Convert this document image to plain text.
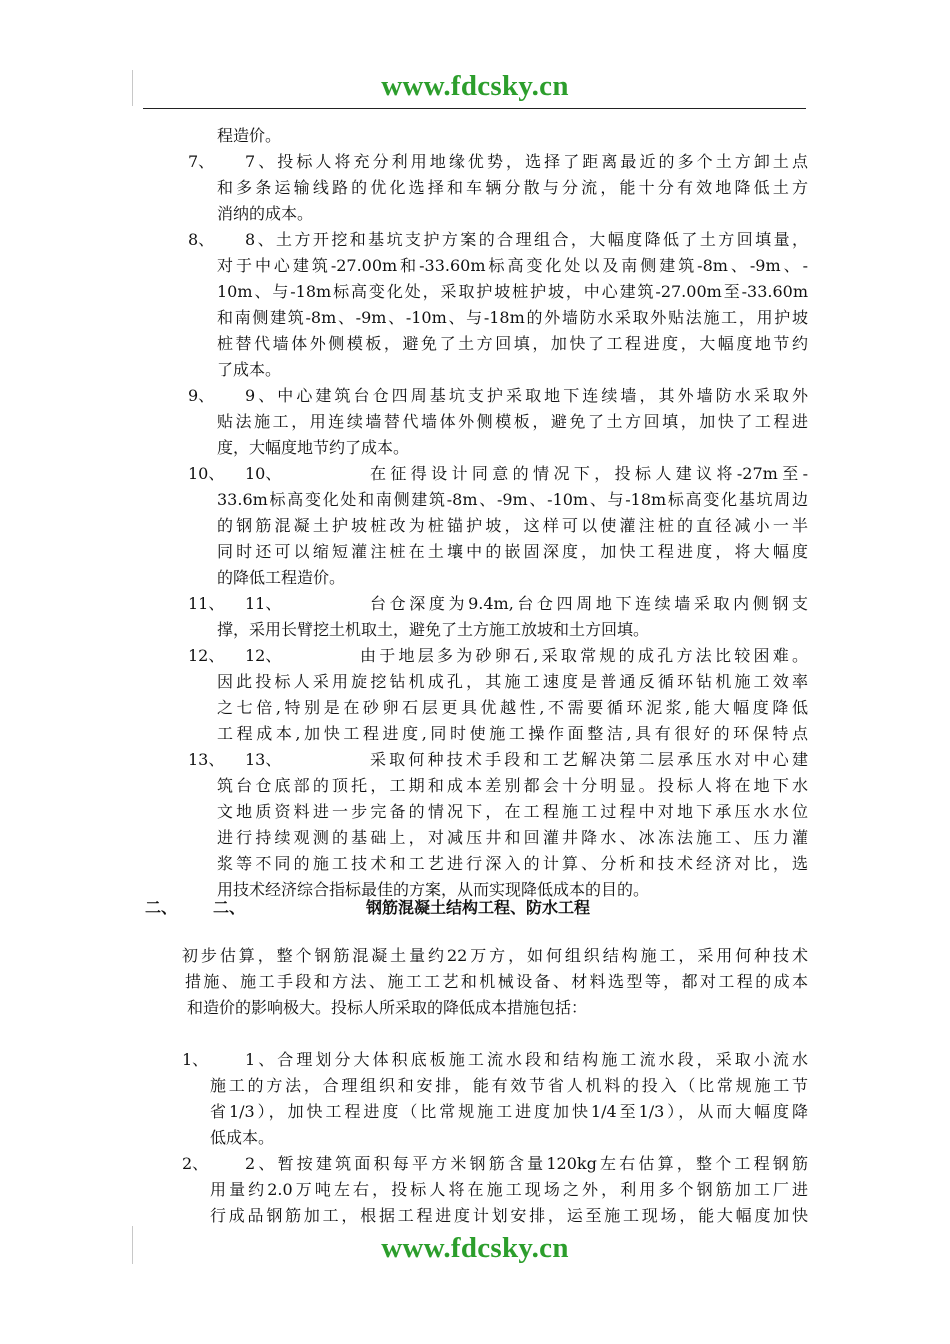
www.fdcsky.cn
程造价。
7、 7、投标人将充分利用地缘优势，选择了距离最近的多个土方卸土点
和多条运输线路的优化选择和车辆分散与分流，能十分有效地降低土方
消纳的成本。
8、 8、土方开挖和基坑支护方案的合理组合，大幅度降低了土方回填量，
对于中心建筑-27.00m和-33.60m标高变化处以及南侧建筑-8m、-9m、-
10m、与-18m标高变化处，采取护坡桩护坡，中心建筑-27.00m至-33.60m
和南侧建筑-8m、-9m、-10m、与-18m的外墙防水采取外贴法施工，用护坡
桩替代墙体外侧模板，避免了土方回填，加快了工程进度，大幅度地节约
了成本。
9、 9、中心建筑台仓四周基坑支护采取地下连续墙，其外墙防水采取外
贴法施工，用连续墙替代墙体外侧模板，避免了土方回填，加快了工程进
度，大幅度地节约了成本。
10、 10、	在征得设计同意的情况下，投标人建议将-27m至-
33.6m标高变化处和南侧建筑-8m、-9m、-10m、与-18m标高变化基坑周边
的钢筋混凝土护坡桩改为桩锚护坡，这样可以使灌注桩的直径减小一半
同时还可以缩短灌注桩在土壤中的嵌固深度，加快工程进度，将大幅度
的降低工程造价。
11、 11、	台仓深度为9.4m,台仓四周地下连续墙采取内侧钢支
撑，采用长臂挖土机取土，避免了土方施工放坡和土方回填。
12、 12、	由于地层多为砂卵石,采取常规的成孔方法比较困难。
因此投标人采用旋挖钻机成孔，其施工速度是普通反循环钻机施工效率
之七倍,特别是在砂卵石层更具优越性,不需要循环泥浆,能大幅度降低
工程成本,加快工程进度,同时使施工操作面整洁,具有很好的环保特点
13、 13、	采取何种技术手段和工艺解决第二层承压水对中心建
筑台仓底部的顶托，工期和成本差别都会十分明显。投标人将在地下水
文地质资料进一步完备的情况下，在工程施工过程中对地下承压水水位
进行持续观测的基础上，对减压井和回灌井降水、冰冻法施工、压力灌
浆等不同的施工技术和工艺进行深入的计算、分析和技术经济对比，选
用技术经济综合指标最佳的方案，从而实现降低成本的目的。
二、 二、	钢筋混凝土结构工程、防水工程
初步估算，整个钢筋混凝土量约22万方，如何组织结构施工，采用何种技术
措施、施工手段和方法、施工工艺和机械设备、材料选型等，都对工程的成本
和造价的影响极大。投标人所采取的降低成本措施包括：
1、 1、合理划分大体积底板施工流水段和结构施工流水段，采取小流水
施工的方法，合理组织和安排，能有效节省人机料的投入（比常规施工节
省1/3），加快工程进度（比常规施工进度加快1/4至1/3），从而大幅度降
低成本。
2、 2、暂按建筑面积每平方米钢筋含量120kg左右估算，整个工程钢筋
用量约2.0万吨左右，投标人将在施工现场之外，利用多个钢筋加工厂进
行成品钢筋加工，根据工程进度计划安排，运至施工现场，能大幅度加快
www.fdcsky.cn
